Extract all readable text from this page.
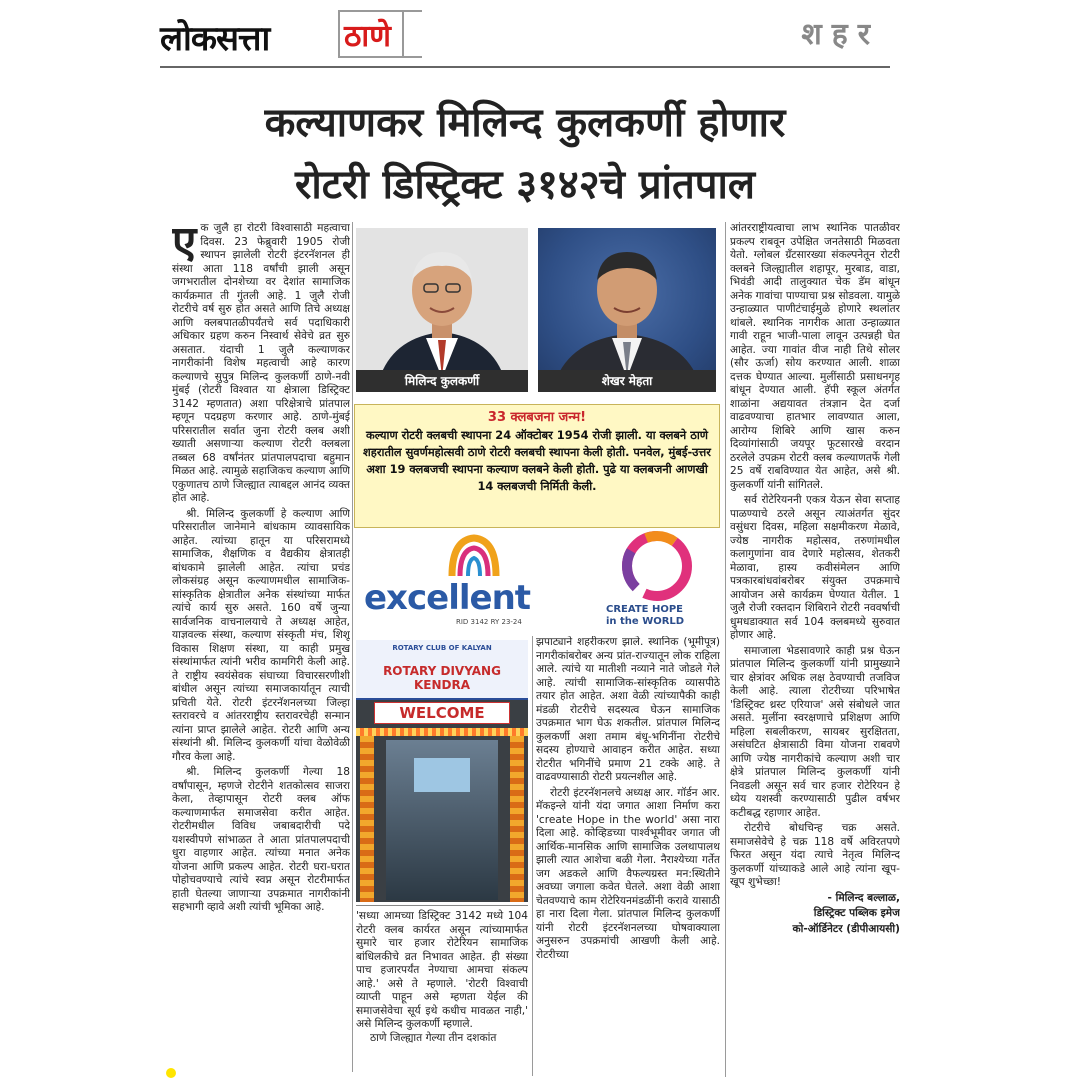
लोकसत्ता ठाणे	शहर
कल्याणकर मिलिन्द कुलकर्णी होणार
रोटरी डिस्ट्रिक्ट ३१४२चे प्रांतपाल

ए क जुलै हा रोटरी विश्वासाठी महत्वाचा दिवस. 23 फेब्रुवारी 1905 रोजी स्थापन झालेली रोटरी इंटरनॅशनल ही संस्था आता 118 वर्षांची झाली असून जगभरातील दोनशेच्या वर देशांत सामाजिक कार्यक्रमात ती गुंतली आहे. 1 जुलै रोजी रोटरीचे वर्ष सुरु होत असते आणि तिचे अध्यक्ष आणि क्लबपातळीपर्यंतचे सर्व पदाधिकारी अधिकार ग्रहण करुन निस्वार्थ सेवेचे व्रत सुरु असतात. यंदाची 1 जुलै कल्याणकर नागरीकांनी विशेष महत्वाची आहे कारण कल्याणचे सुपुत्र मिलिन्द कुलकर्णी ठाणे-नवी मुंबई (रोटरी विश्वात या क्षेत्राला डिस्ट्रिक्ट 3142 म्हणतात) अशा परिक्षेत्राचे प्रांतपाल म्हणून पदग्रहण करणार आहे. ठाणे-मुंबई परिसरातील सर्वात जुना रोटरी क्लब अशी ख्याती असणाऱ्या कल्याण रोटरी क्लबला तब्बल 68 वर्षांनंतर प्रांतपालपदाचा बहुमान मिळत आहे. त्यामुळे सहाजिकच कल्याण आणि एकुणातच ठाणे जिल्ह्यात त्याबद्दल आनंद व्यक्त होत आहे.

श्री. मिलिन्द कुलकर्णी हे कल्याण आणि परिसरातील जानेमाने बांधकाम व्यावसायिक आहेत. त्यांच्या हातून या परिसरामध्ये सामाजिक, शैक्षणिक व वैद्यकीय क्षेत्रातही बांधकामे झालेली आहेत. त्यांचा प्रचंड लोकसंग्रह असून कल्याणमधील सामाजिक-सांस्कृतिक क्षेत्रातील अनेक संस्थांच्या मार्फत त्यांचे कार्य सुरु असते. 160 वर्षे जुन्या सार्वजनिक वाचनालयाचे ते अध्यक्ष आहेत, याज्ञवल्क संस्था, कल्याण संस्कृती मंच, शिशू विकास शिक्षण संस्था, या काही प्रमुख संस्थांमार्फत त्यांनी भरीव कामगिरी केली आहे. ते राष्ट्रीय स्वयंसेवक संघाच्या विचारसरणीशी बांधील असून त्यांच्या समाजकार्यातून त्याची प्रचिती येते. रोटरी इंटरनॅशनलच्या जिल्हा स्तरावरचे व आंतरराष्ट्रीय स्तरावरचेही सन्मान त्यांना प्राप्त झालेले आहेत. रोटरी आणि अन्य संस्थांनी श्री. मिलिन्द कुलकर्णी यांचा वेळोवेळी गौरव केला आहे.

श्री. मिलिन्द कुलकर्णी गेल्या 18 वर्षांपासून, म्हणजे रोटरीने शतकोत्सव साजरा केला, तेव्हापासून रोटरी क्लब ऑफ कल्याणमार्फत समाजसेवा करीत आहेत. रोटरीमधील विविध जबाबदारीची पदे यशस्वीपणे सांभाळत ते आता प्रांतपालपदाची धुरा वाहणार आहेत. त्यांच्या मनात अनेक योजना आणि प्रकल्प आहेत. रोटरी घरा-घरात पोहोचवण्याचे त्यांचे स्वप्न असून रोटरीमार्फत हाती घेतल्या जाणाऱ्या उपक्रमात नागरीकांनी सहभागी व्हावे अशी त्यांची भूमिका आहे.

मिलिन्द कुलकर्णी	शेखर मेहता
33 क्लबजना जन्म!
कल्याण रोटरी क्लबची स्थापना 24 ऑक्टोबर 1954 रोजी झाली. या क्लबने ठाणे शहरातील सुवर्णमहोत्सवी ठाणे रोटरी क्लबची स्थापना केली होती. पनवेल, मुंबई-उत्तर अशा 19 क्लबजची स्थापना कल्याण क्लबने केली होती. पुढे या क्लबजनी आणखी 14 क्लबजची निर्मिती केली.
excellent
RID 3142 RY 23-24
CREATE HOPE
in the WORLD
ROTARY CLUB OF KALYAN
ROTARY DIVYANG KENDRA
WELCOME

'सध्या आमच्या डिस्ट्रिक्ट 3142 मध्ये 104 रोटरी क्लब कार्यरत असून त्यांच्यामार्फत सुमारे चार हजार रोटेरियन सामाजिक बांधिलकीचे व्रत निभावत आहेत. ही संख्या पाच हजारपर्यंत नेण्याचा आमचा संकल्प आहे.' असे ते म्हणाले. 'रोटरी विश्वाची व्याप्ती पाहून असे म्हणता येईल की समाजसेवेचा सूर्य इथे कधीच मावळत नाही,' असे मिलिन्द कुलकर्णी म्हणाले.

ठाणे जिल्ह्यात गेल्या तीन दशकांत

झपाट्याने शहरीकरण झाले. स्थानिक (भूमीपूत्र) नागरीकांबरोबर अन्य प्रांत-राज्यातून लोक राहिला आले. त्यांचे या मातीशी नव्याने नाते जोडले गेले आहे. त्यांची सामाजिक-सांस्कृतिक व्यासपीठे तयार होत आहेत. अशा वेळी त्यांच्यापैकी काही मंडळी रोटरीचे सदस्यत्व घेऊन सामाजिक उपक्रमात भाग घेऊ शकतील. प्रांतपाल मिलिन्द कुलकर्णी अशा तमाम बंधू-भगिनींना रोटरीचे सदस्य होण्याचे आवाहन करीत आहेत. सध्या रोटरीत भगिनींचे प्रमाण 21 टक्के आहे. ते वाढवण्यासाठी रोटरी प्रयत्नशील आहे.

रोटरी इंटरनॅशनलचे अध्यक्ष आर. गॉर्डन आर. मॅकइन्ले यांनी यंदा जगात आशा निर्माण करा 'create Hope in the world' असा नारा दिला आहे. कोव्हिडच्या पार्श्वभूमीवर जगात जी आर्थिक-मानसिक आणि सामाजिक उलथापालथ झाली त्यात आशेचा बळी गेला. नैराश्येच्या गर्तेत जग अडकले आणि वैफल्यग्रस्त मन:स्थितीने अवघ्या जगाला कवेत घेतले. अशा वेळी आशा चेतवण्याचे काम रोटेरियनमंडळींनी करावे यासाठी हा नारा दिला गेला. प्रांतपाल मिलिन्द कुलकर्णी यांनी रोटरी इंटरनॅशनलच्या घोषवाक्याला अनुसरुन उपक्रमांची आखणी केली आहे. रोटरीच्या

आंतरराष्ट्रीयत्वाचा लाभ स्थानिक पातळीवर प्रकल्प राबवून उपेक्षित जनतेसाठी मिळवता येतो. ग्लोबल ग्रँटसारख्या संकल्पनेतून रोटरी क्लबने जिल्ह्यातील शहापूर, मुरबाड, वाडा, भिवंडी आदी तालुक्यात चेक डॅम बांधून अनेक गावांचा पाण्याचा प्रश्न सोडवला. यामुळे उन्हाळ्यात पाणीटंचाईमुळे होणारे स्थलांतर थांबले. स्थानिक नागरीक आता उन्हाळ्यात गावी राहून भाजी-पाला लावून उत्पन्नही घेत आहेत. ज्या गावांत वीज नाही तिथे सोलर (सौर ऊर्जा) सोय करण्यात आली. शाळा दत्तक घेण्यात आल्या. मुलींसाठी प्रसाधनगृह बांधून देण्यात आली. हॅपी स्कूल अंतर्गत शाळांना अद्ययावत तंत्रज्ञान देत दर्जा वाढवण्याचा हातभार लावण्यात आला, आरोग्य शिबिरे आणि खास करुन दिव्यांगांसाठी जयपूर फूटसारखे वरदान ठरलेले उपक्रम रोटरी क्लब कल्याणतर्फे गेली 25 वर्षे राबविण्यात येत आहेत, असे श्री. कुलकर्णी यांनी सांगितले.

सर्व रोटेरियननी एकत्र येऊन सेवा सप्ताह पाळण्याचे ठरले असून त्याअंतर्गत सुंदर वसुंधरा दिवस, महिला सक्षमीकरण मेळावे, ज्येष्ठ नागरीक महोत्सव, तरुणांमधील कलागुणांना वाव देणारे महोत्सव, शेतकरी मेळावा, हास्य कवीसंमेलन आणि पत्रकारबांधवांबरोबर संयुक्त उपक्रमाचे आयोजन असे कार्यक्रम घेण्यात येतील. 1 जुलै रोजी रक्तदान शिबिराने रोटरी नववर्षाची धुमधडाक्यात सर्व 104 क्लबमध्ये सुरुवात होणार आहे.

समाजाला भेडसावणारे काही प्रश्न घेऊन प्रांतपाल मिलिन्द कुलकर्णी यांनी प्रामुख्याने चार क्षेत्रांवर अधिक लक्ष ठेवण्याची तजविज केली आहे. त्याला रोटरीच्या परिभाषेत 'डिस्ट्रिक्ट थ्रस्ट एरियाज' असे संबोधले जात असते. मुलींना स्वरक्षणाचे प्रशिक्षण आणि महिला सबलीकरण, सायबर सुरक्षितता, असंघटित क्षेत्रासाठी विमा योजना राबवणे आणि ज्येष्ठ नागरीकांचे कल्याण अशी चार क्षेत्रे प्रांतपाल मिलिन्द कुलकर्णी यांनी निवडली असून सर्व चार हजार रोटेरियन हे ध्येय यशस्वी करण्यासाठी पुढील वर्षभर कटीबद्ध रहाणार आहेत.

रोटरीचे बोधचिन्ह चक्र असते. समाजसेवेचे हे चक्र 118 वर्षे अविरतपणे फिरत असून यंदा त्याचे नेतृत्व मिलिन्द कुलकर्णी यांच्याकडे आले आहे त्यांना खूप-खूप शुभेच्छा!

- मिलिन्द बल्लाळ,

डिस्ट्रिक्ट पब्लिक इमेज

को-ऑर्डिनेटर (डीपीआयसी)
